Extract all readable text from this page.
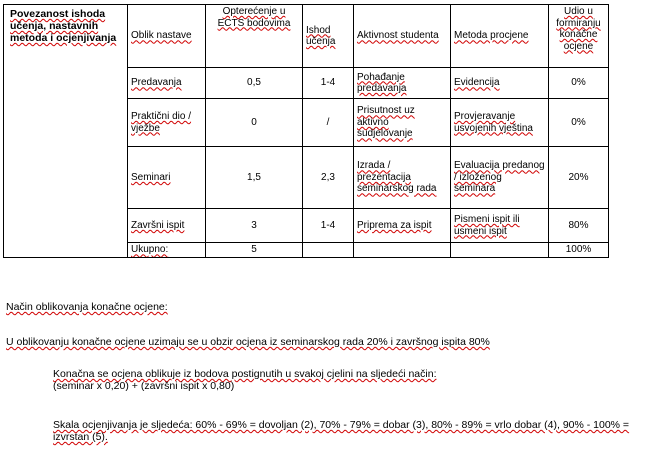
Povezanost ishoda učenja, nastavnih metoda i ocjenjivanja	Oblik nastave	Opterećenje u ECTS bodovima	Ishod učenja	Aktivnost studenta	Metoda procjene	Udio u formiranju konačne ocjene
	Predavanja	0,5	1-4	Pohađanje predavanja	Evidencija	0%
	Praktični dio / vježbe	0	/	Prisutnost uz aktivno sudjelovanje	Provjeravanje usvojenih vještina	0%
	Seminari	1,5	2,3	Izrada / prezentacija seminarskog rada	Evaluacija predanog / izloženog seminara	20%
	Završni ispit	3	1-4	Priprema za ispit	Pismeni ispit ili usmeni ispit	80%
	Ukupno:	5				100%
Način oblikovanja konačne ocjene:
U oblikovanju konačne ocjene uzimaju se u obzir ocjena iz seminarskog rada 20% i završnog ispita 80%
Konačna se ocjena oblikuje iz bodova postignutih u svakoj cjelini na sljedeći način:
(seminar x 0,20) + (završni ispit x 0,80)
Skala ocjenjivanja je sljedeća: 60% - 69% = dovoljan (2), 70% - 79% = dobar (3), 80% - 89% = vrlo dobar (4), 90% - 100% = izvrstan (5).
